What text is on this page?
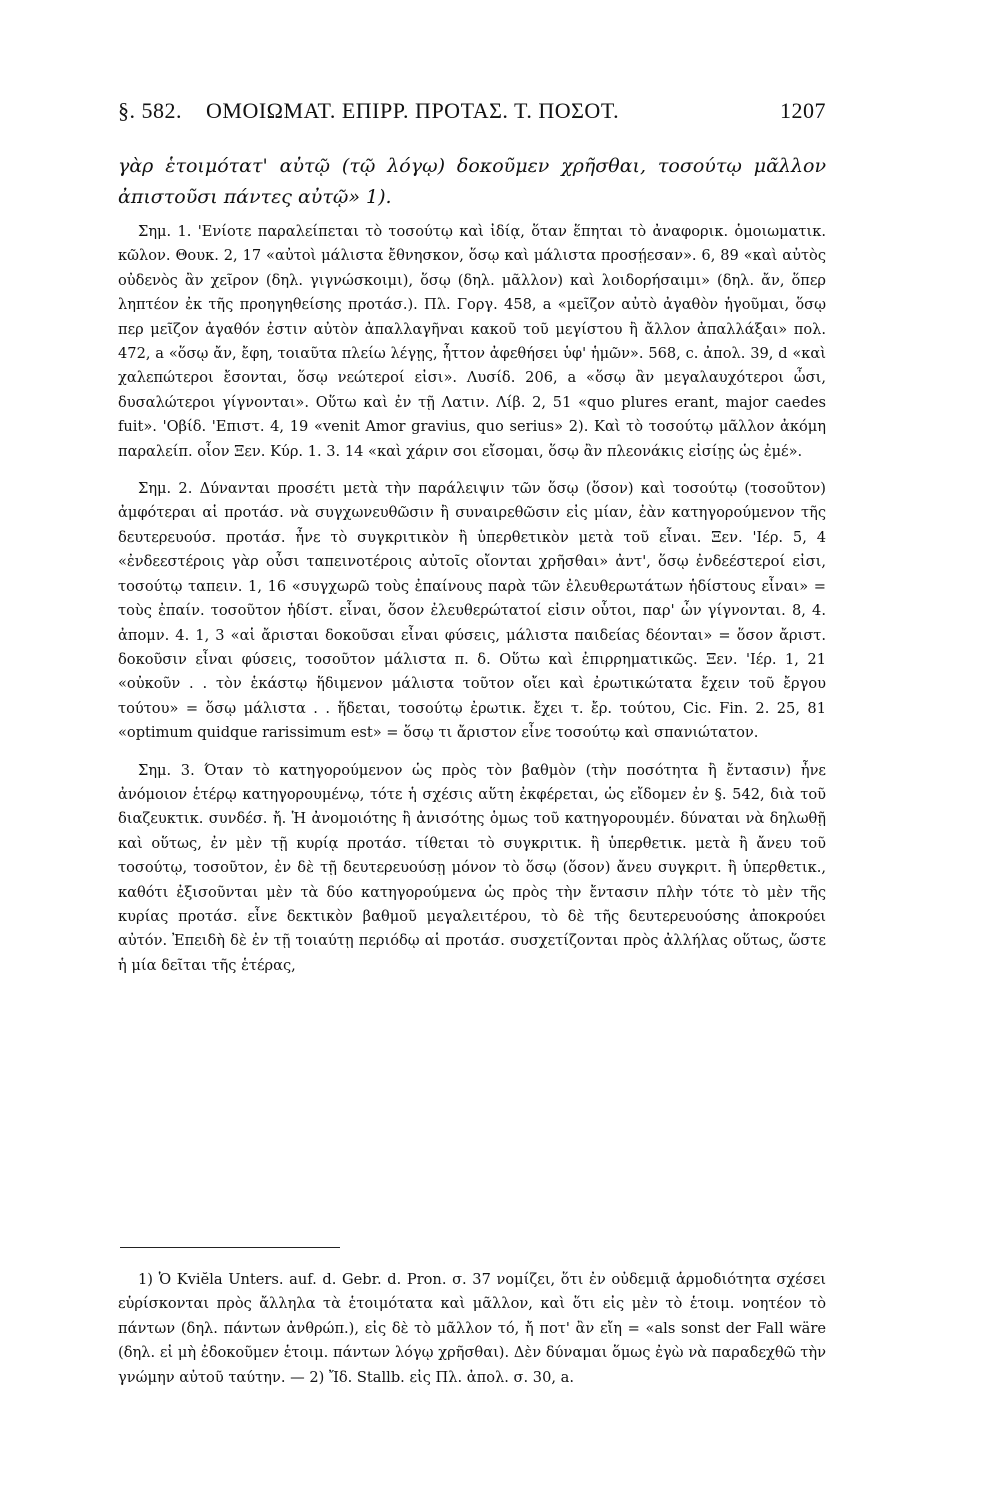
§. 582. ΟΜΟΙΩΜΑΤ. ΕΠΙΡΡ. ΠΡΟΤΑΣ. Τ. ΠΟΣΟΤ.	1207

γὰρ ἑτοιμότατ' αὐτῷ (τῷ λόγῳ) δοκοῦμεν χρῆσθαι, τοσούτῳ μᾶλλον ἀπιστοῦσι πάντες αὐτῷ» 1).

Σημ. 1. 'Ενίοτε παραλείπεται τὸ τοσούτῳ καὶ ἰδίᾳ, ὅταν ἕπηται τὸ ἀναφορικ. ὁμοιωματικ. κῶλον. Θουκ. 2, 17 «αὐτοὶ μάλιστα ἔθνησκον, ὅσῳ καὶ μάλιστα προσῄεσαν». 6, 89 «καὶ αὐτὸς οὐδενὸς ἂν χεῖρον (δηλ. γιγνώσκοιμι), ὅσῳ (δηλ. μᾶλλον) καὶ λοιδορήσαιμι» (δηλ. ἄν, ὅπερ ληπτέον ἐκ τῆς προηγηθείσης προτάσ.). Πλ. Γοργ. 458, a «μεῖζον αὐτὸ ἀγαθὸν ἡγοῦμαι, ὅσῳ περ μεῖζον ἀγαθόν ἐστιν αὐτὸν ἀπαλλαγῆναι κακοῦ τοῦ μεγίστου ἢ ἄλλον ἀπαλλάξαι» πολ. 472, a «ὅσῳ ἄν, ἔφη, τοιαῦτα πλείω λέγῃς, ἧττον ἀφεθήσει ὑφ' ἡμῶν». 568, c. ἀπολ. 39, d «καὶ χαλεπώτεροι ἔσονται, ὅσῳ νεώτεροί εἰσι». Λυσίδ. 206, a «ὅσῳ ἂν μεγαλαυχότεροι ὦσι, δυσαλώτεροι γίγνονται». Οὕτω καὶ ἐν τῇ Λατιν. Λίβ. 2, 51 «quo plures erant, major caedes fuit». 'Οβίδ. 'Επιστ. 4, 19 «venit Amor gravius, quo serius» 2). Καὶ τὸ τοσούτῳ μᾶλλον ἀκόμη παραλείπ. οἷον Ξεν. Κύρ. 1. 3. 14 «καὶ χάριν σοι εἴσομαι, ὅσῳ ἂν πλεονάκις εἰσίῃς ὡς ἐμέ».

Σημ. 2. Δύνανται προσέτι μετὰ τὴν παράλειψιν τῶν ὅσῳ (ὅσον) καὶ τοσούτῳ (τοσοῦτον) ἀμφότεραι αἱ προτάσ. νὰ συγχωνευθῶσιν ἢ συναιρεθῶσιν εἰς μίαν, ἐὰν κατηγορούμενον τῆς δευτερευούσ. προτάσ. ἦνε τὸ συγκριτικὸν ἢ ὑπερθετικὸν μετὰ τοῦ εἶναι. Ξεν. 'Ιέρ. 5, 4 «ἐνδεεστέροις γὰρ οὖσι ταπεινοτέροις αὐτοῖς οἴονται χρῆσθαι» ἀντ', ὅσῳ ἐνδεέστεροί εἰσι, τοσούτῳ ταπειν. 1, 16 «συγχωρῶ τοὺς ἐπαίνους παρὰ τῶν ἐλευθερωτάτων ἡδίστους εἶναι» = τοὺς ἐπαίν. τοσοῦτον ἡδίστ. εἶναι, ὅσον ἐλευθερώτατοί εἰσιν οὗτοι, παρ' ὧν γίγνονται. 8, 4. ἀπομν. 4. 1, 3 «αἱ ἄρισται δοκοῦσαι εἶναι φύσεις, μάλιστα παιδείας δέονται» = ὅσον ἄριστ. δοκοῦσιν εἶναι φύσεις, τοσοῦτον μάλιστα π. δ. Οὕτω καὶ ἐπιρρηματικῶς. Ξεν. 'Ιέρ. 1, 21 «οὐκοῦν . . τὸν ἑκάστῳ ἥδιμενον μάλιστα τοῦτον οἴει καὶ ἐρωτικώτατα ἔχειν τοῦ ἔργου τούτου» = ὅσῳ μάλιστα . . ἥδεται, τοσούτῳ ἐρωτικ. ἔχει τ. ἔρ. τούτου, Cic. Fin. 2. 25, 81 «optimum quidque rarissimum est» = ὅσῳ τι ἄριστον εἶνε τοσούτῳ καὶ σπανιώτατον.

Σημ. 3. Όταν τὸ κατηγορούμενον ὡς πρὸς τὸν βαθμὸν (τὴν ποσότητα ἢ ἔντασιν) ἦνε ἀνόμοιον ἑτέρῳ κατηγορουμένῳ, τότε ἡ σχέσις αὕτη ἐκφέρεται, ὡς εἴδομεν ἐν §. 542, διὰ τοῦ διαζευκτικ. συνδέσ. ἤ. Ἡ ἀνομοιότης ἢ ἀνισότης ὁμως τοῦ κατηγορουμέν. δύναται νὰ δηλωθῇ καὶ οὕτως, ἐν μὲν τῇ κυρίᾳ προτάσ. τίθεται τὸ συγκριτικ. ἢ ὑπερθετικ. μετὰ ἢ ἄνευ τοῦ τοσούτῳ, τοσοῦτον, ἐν δὲ τῇ δευτερευούσῃ μόνον τὸ ὅσῳ (ὅσον) ἄνευ συγκριτ. ἢ ὑπερθετικ., καθότι ἐξισοῦνται μὲν τὰ δύο κατηγορούμενα ὡς πρὸς τὴν ἔντασιν πλὴν τότε τὸ μὲν τῆς κυρίας προτάσ. εἶνε δεκτικὸν βαθμοῦ μεγαλειτέρου, τὸ δὲ τῆς δευτερευούσης ἀποκρούει αὐτόν. Ἐπειδὴ δὲ ἐν τῇ τοιαύτῃ περιόδῳ αἱ προτάσ. συσχετίζονται πρὸς ἀλλήλας οὕτως, ὥστε ἡ μία δεῖται τῆς ἑτέρας,

1) Ὁ Kviĕla Unters. auf. d. Gebr. d. Pron. σ. 37 νομίζει, ὅτι ἐν οὐδεμιᾷ ἁρμοδιότητα σχέσει εὑρίσκονται πρὸς ἄλληλα τὰ ἑτοιμότατα καὶ μᾶλλον, καὶ ὅτι εἰς μὲν τὸ ἑτοιμ. νοητέον τὸ πάντων (δηλ. πάντων ἀνθρώπ.), εἰς δὲ τὸ μᾶλλον τό, ἤ ποτ' ἂν εἴη = «als sonst der Fall wäre (δηλ. εἰ μὴ ἐδοκοῦμεν ἑτοιμ. πάντων λόγῳ χρῆσθαι). Δὲν δύναμαι ὅμως ἐγὼ νὰ παραδεχθῶ τὴν γνώμην αὐτοῦ ταύτην. — 2) Ἴδ. Stallb. εἰς Πλ. ἀπολ. σ. 30, a.
